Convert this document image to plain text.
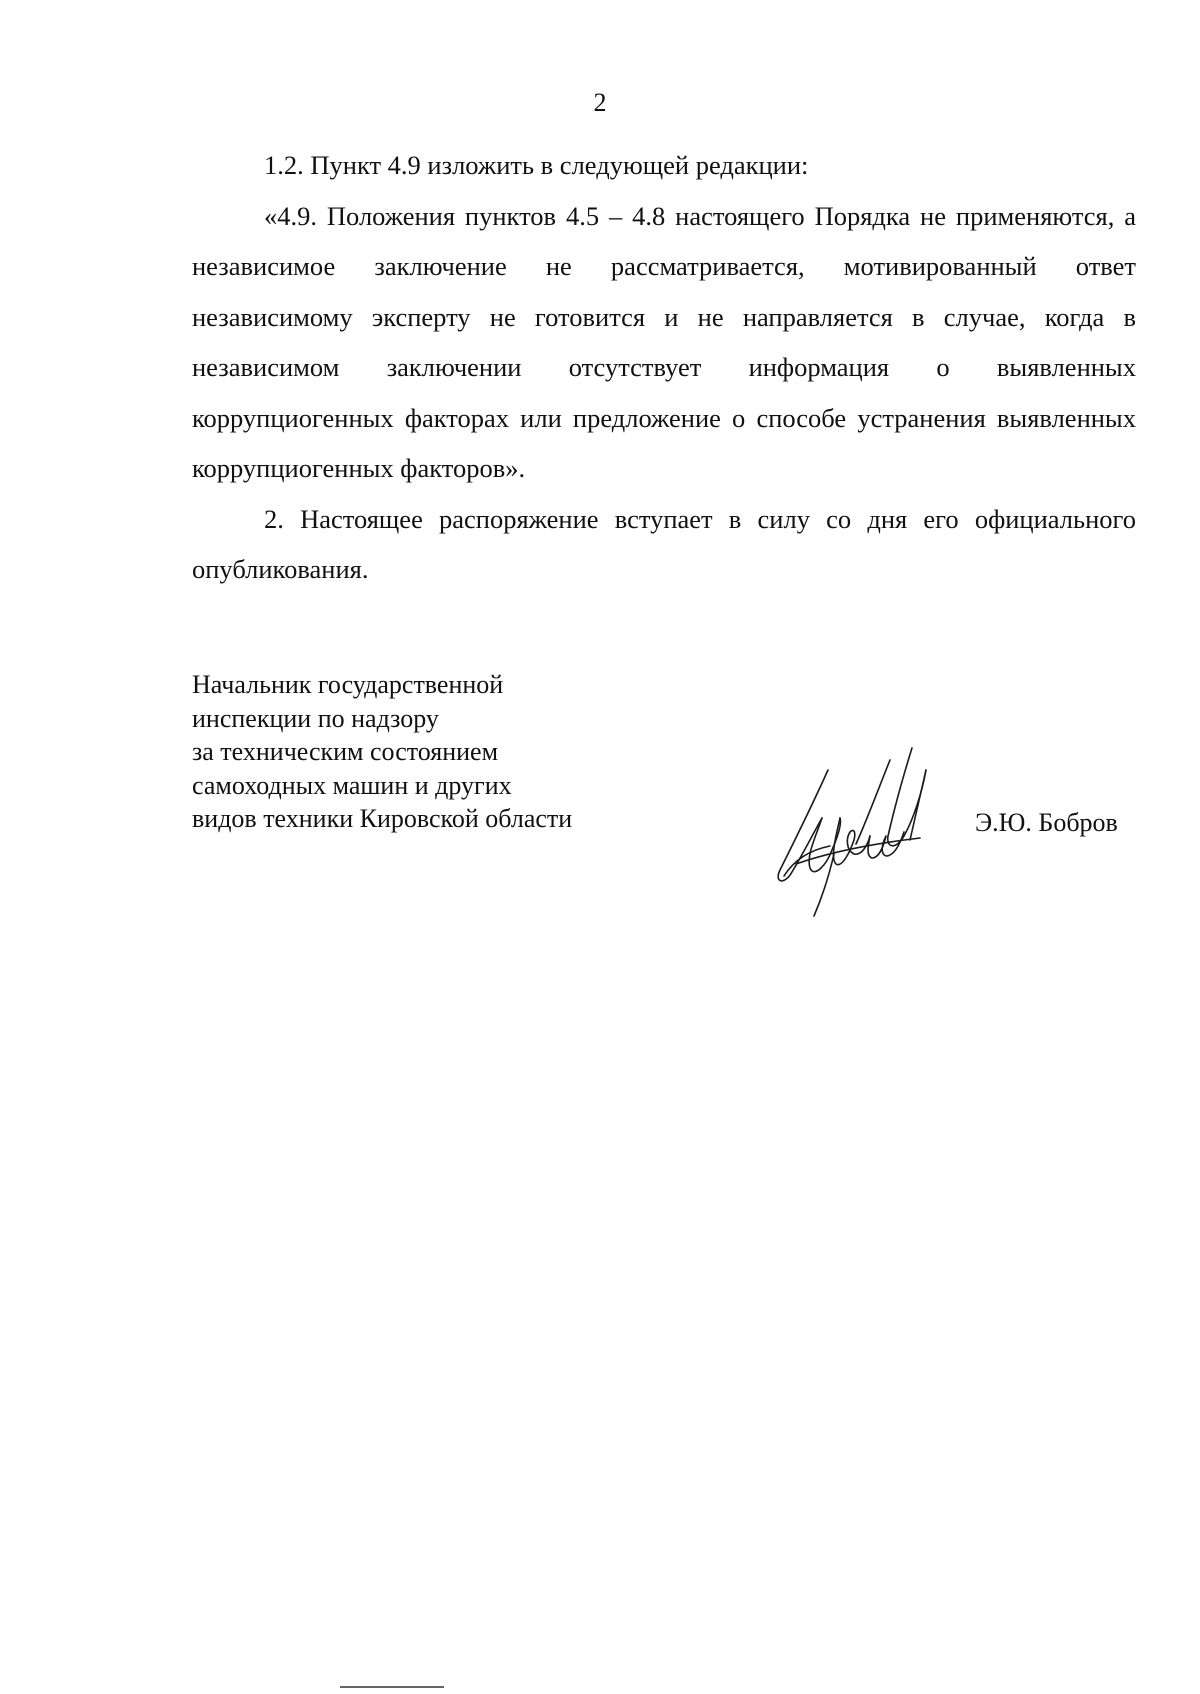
2

1.2. Пункт 4.9 изложить в следующей редакции:

«4.9. Положения пунктов 4.5 – 4.8 настоящего Порядка не применяются, а независимое заключение не рассматривается, мотивированный ответ независимому эксперту не готовится и не направляется в случае, когда в независимом заключении отсутствует информация о выявленных коррупциогенных факторах или предложение о способе устранения выявленных коррупциогенных факторов».

2. Настоящее распоряжение вступает в силу со дня его официального опубликования.

Начальник государственной
инспекции по надзору
за техническим состоянием
самоходных машин и других
видов техники Кировской области	Э.Ю. Бобров
